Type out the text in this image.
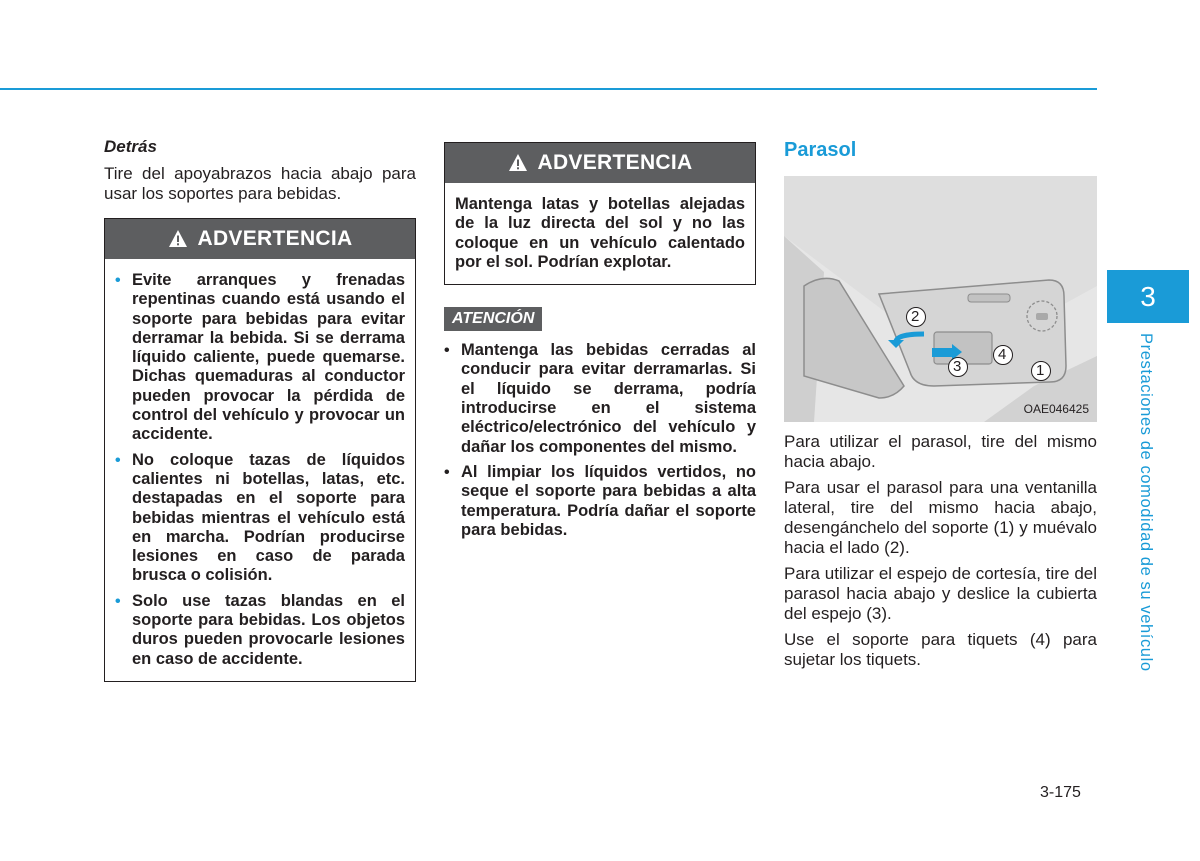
Detrás

Tire del apoyabrazos hacia abajo para usar los soportes para bebidas.

ADVERTENCIA
• Evite arranques y frenadas repentinas cuando está usando el soporte para bebidas para evitar derramar la bebida. Si se derrama líquido caliente, puede quemarse. Dichas quemaduras al conductor pueden provocar la pérdida de control del vehículo y provocar un accidente.
• No coloque tazas de líquidos calientes ni botellas, latas, etc. destapadas en el soporte para bebidas mientras el vehículo está en marcha. Podrían producirse lesiones en caso de parada brusca o colisión.
• Solo use tazas blandas en el soporte para bebidas. Los objetos duros pueden provocarle lesiones en caso de accidente.
ADVERTENCIA

Mantenga latas y botellas alejadas de la luz directa del sol y no las coloque en un vehículo calentado por el sol. Podrían explotar.

ATENCIÓN
• Mantenga las bebidas cerradas al conducir para evitar derramarlas. Si el líquido se derrama, podría introducirse en el sistema eléctrico/electrónico del vehículo y dañar los componentes del mismo.
• Al limpiar los líquidos vertidos, no seque el soporte para bebidas a alta temperatura. Podría dañar el soporte para bebidas.
Parasol
1
2
3
4
OAE046425

Para utilizar el parasol, tire del mismo hacia abajo.

Para usar el parasol para una ventanilla lateral, tire del mismo hacia abajo, desengánchelo del soporte (1) y muévalo hacia el lado (2).

Para utilizar el espejo de cortesía, tire del parasol hacia abajo y deslice la cubierta del espejo (3).

Use el soporte para tiquets (4) para sujetar los tiquets.

3
Prestaciones de comodidad de su vehículo
3-175
